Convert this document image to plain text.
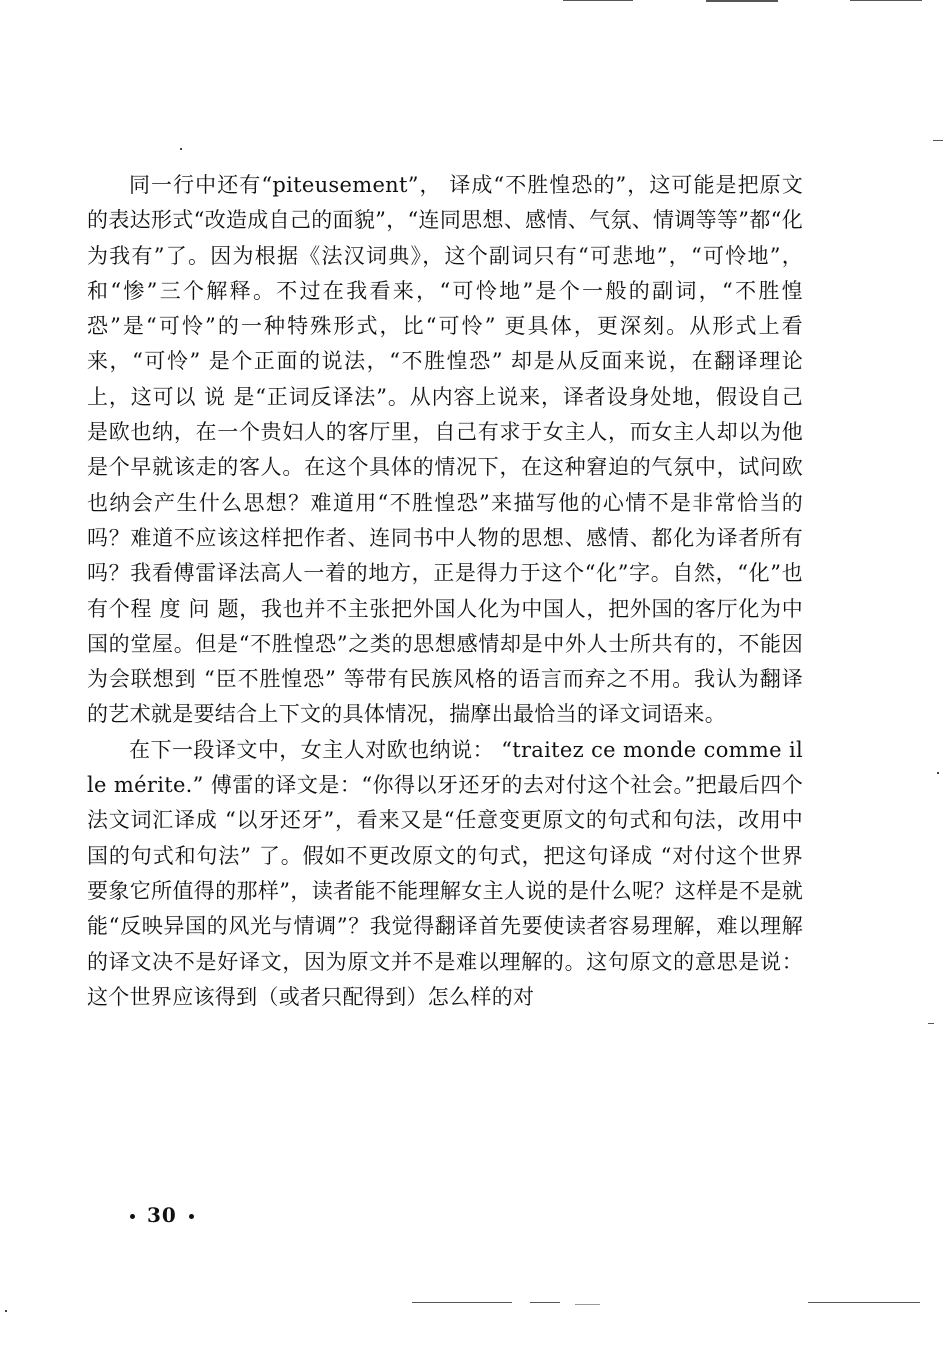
同一行中还有“piteusement”， 译成“不胜惶恐的”，这可能是把原文的表达形式“改造成自己的面貌”，“连同思想、感情、气氛、情调等等”都“化为我有”了。因为根据《法汉词典》，这个副词只有“可悲地”，“可怜地”， 和“惨”三个解释。不过在我看来，“可怜地”是个一般的副词，“不胜惶恐”是“可怜”的一种特殊形式，比“可怜” 更具体，更深刻。从形式上看来，“可怜” 是个正面的说法，“不胜惶恐” 却是从反面来说，在翻译理论上，这可以 说 是“正词反译法”。从内容上说来，译者设身处地，假设自己是欧也纳，在一个贵妇人的客厅里，自己有求于女主人，而女主人却以为他是个早就该走的客人。在这个具体的情况下，在这种窘迫的气氛中，试问欧也纳会产生什么思想？难道用“不胜惶恐”来描写他的心情不是非常恰当的吗？难道不应该这样把作者、连同书中人物的思想、感情、都化为译者所有吗？我看傅雷译法高人一着的地方，正是得力于这个“化”字。自然，“化”也有个程 度 问 题，我也并不主张把外国人化为中国人，把外国的客厅化为中国的堂屋。但是“不胜惶恐”之类的思想感情却是中外人士所共有的，不能因为会联想到 “臣不胜惶恐” 等带有民族风格的语言而弃之不用。我认为翻译的艺术就是要结合上下文的具体情况，揣摩出最恰当的译文词语来。

在下一段译文中，女主人对欧也纳说： “traitez ce monde comme il le mérite.” 傅雷的译文是：“你得以牙还牙的去对付这个社会。”把最后四个法文词汇译成 “以牙还牙”，看来又是“任意变更原文的句式和句法，改用中国的句式和句法” 了。假如不更改原文的句式，把这句译成 “对付这个世界要象它所值得的那样”，读者能不能理解女主人说的是什么呢？这样是不是就能“反映异国的风光与情调”？我觉得翻译首先要使读者容易理解，难以理解的译文决不是好译文，因为原文并不是难以理解的。这句原文的意思是说：这个世界应该得到（或者只配得到）怎么样的对

30
